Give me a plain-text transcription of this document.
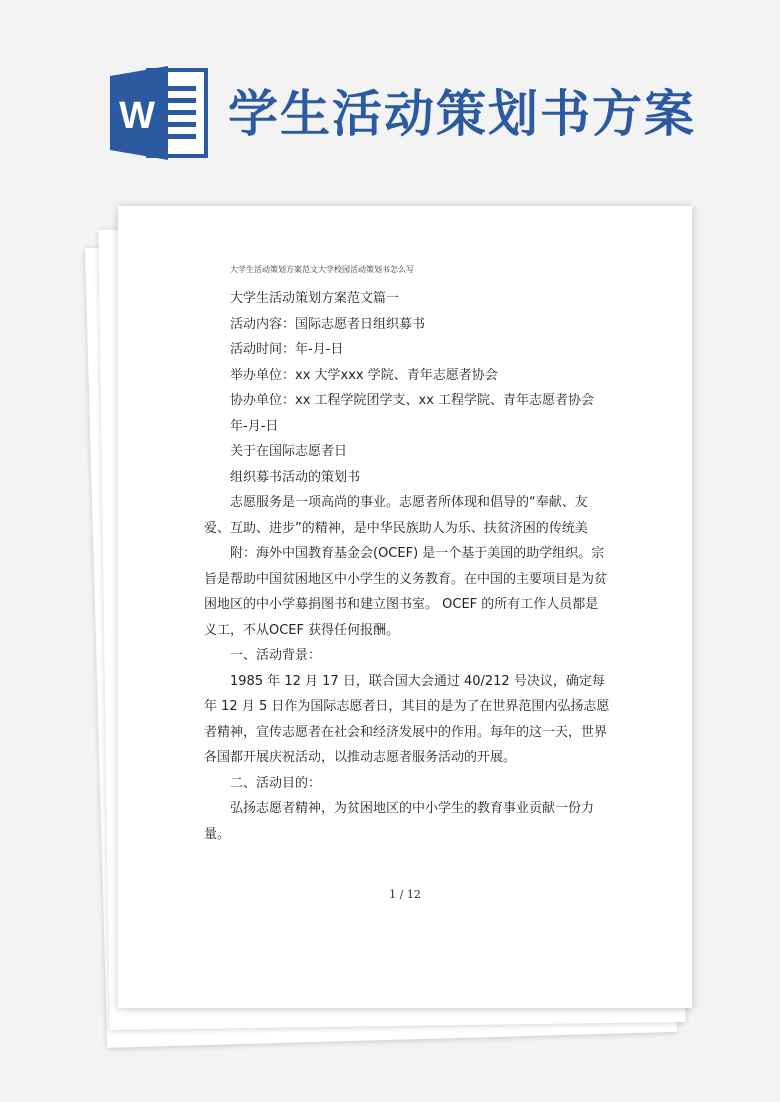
W 学生活动策划书方案
大学生活动策划方案范文大学校园活动策划书怎么写

大学生活动策划方案范文篇一

活动内容：国际志愿者日组织募书

活动时间：年-月-日

举办单位：xx 大学xxx 学院、青年志愿者协会

协办单位：xx 工程学院团学支、xx 工程学院、青年志愿者协会

年-月-日

关于在国际志愿者日

组织募书活动的策划书

志愿服务是一项高尚的事业。志愿者所体现和倡导的“奉献、友爱、互助、进步”的精神，是中华民族助人为乐、扶贫济困的传统美

附：海外中国教育基金会(OCEF) 是一个基于美国的助学组织。宗旨是帮助中国贫困地区中小学生的义务教育。在中国的主要项目是为贫困地区的中小学募捐图书和建立图书室。 OCEF 的所有工作人员都是义工，不从OCEF 获得任何报酬。

一、活动背景：

1985 年 12 月 17 日，联合国大会通过 40/212 号决议，确定每年 12 月 5 日作为国际志愿者日，其目的是为了在世界范围内弘扬志愿者精神，宣传志愿者在社会和经济发展中的作用。每年的这一天，世界各国都开展庆祝活动，以推动志愿者服务活动的开展。

二、活动目的：

弘扬志愿者精神，为贫困地区的中小学生的教育事业贡献一份力量。

1 / 12
